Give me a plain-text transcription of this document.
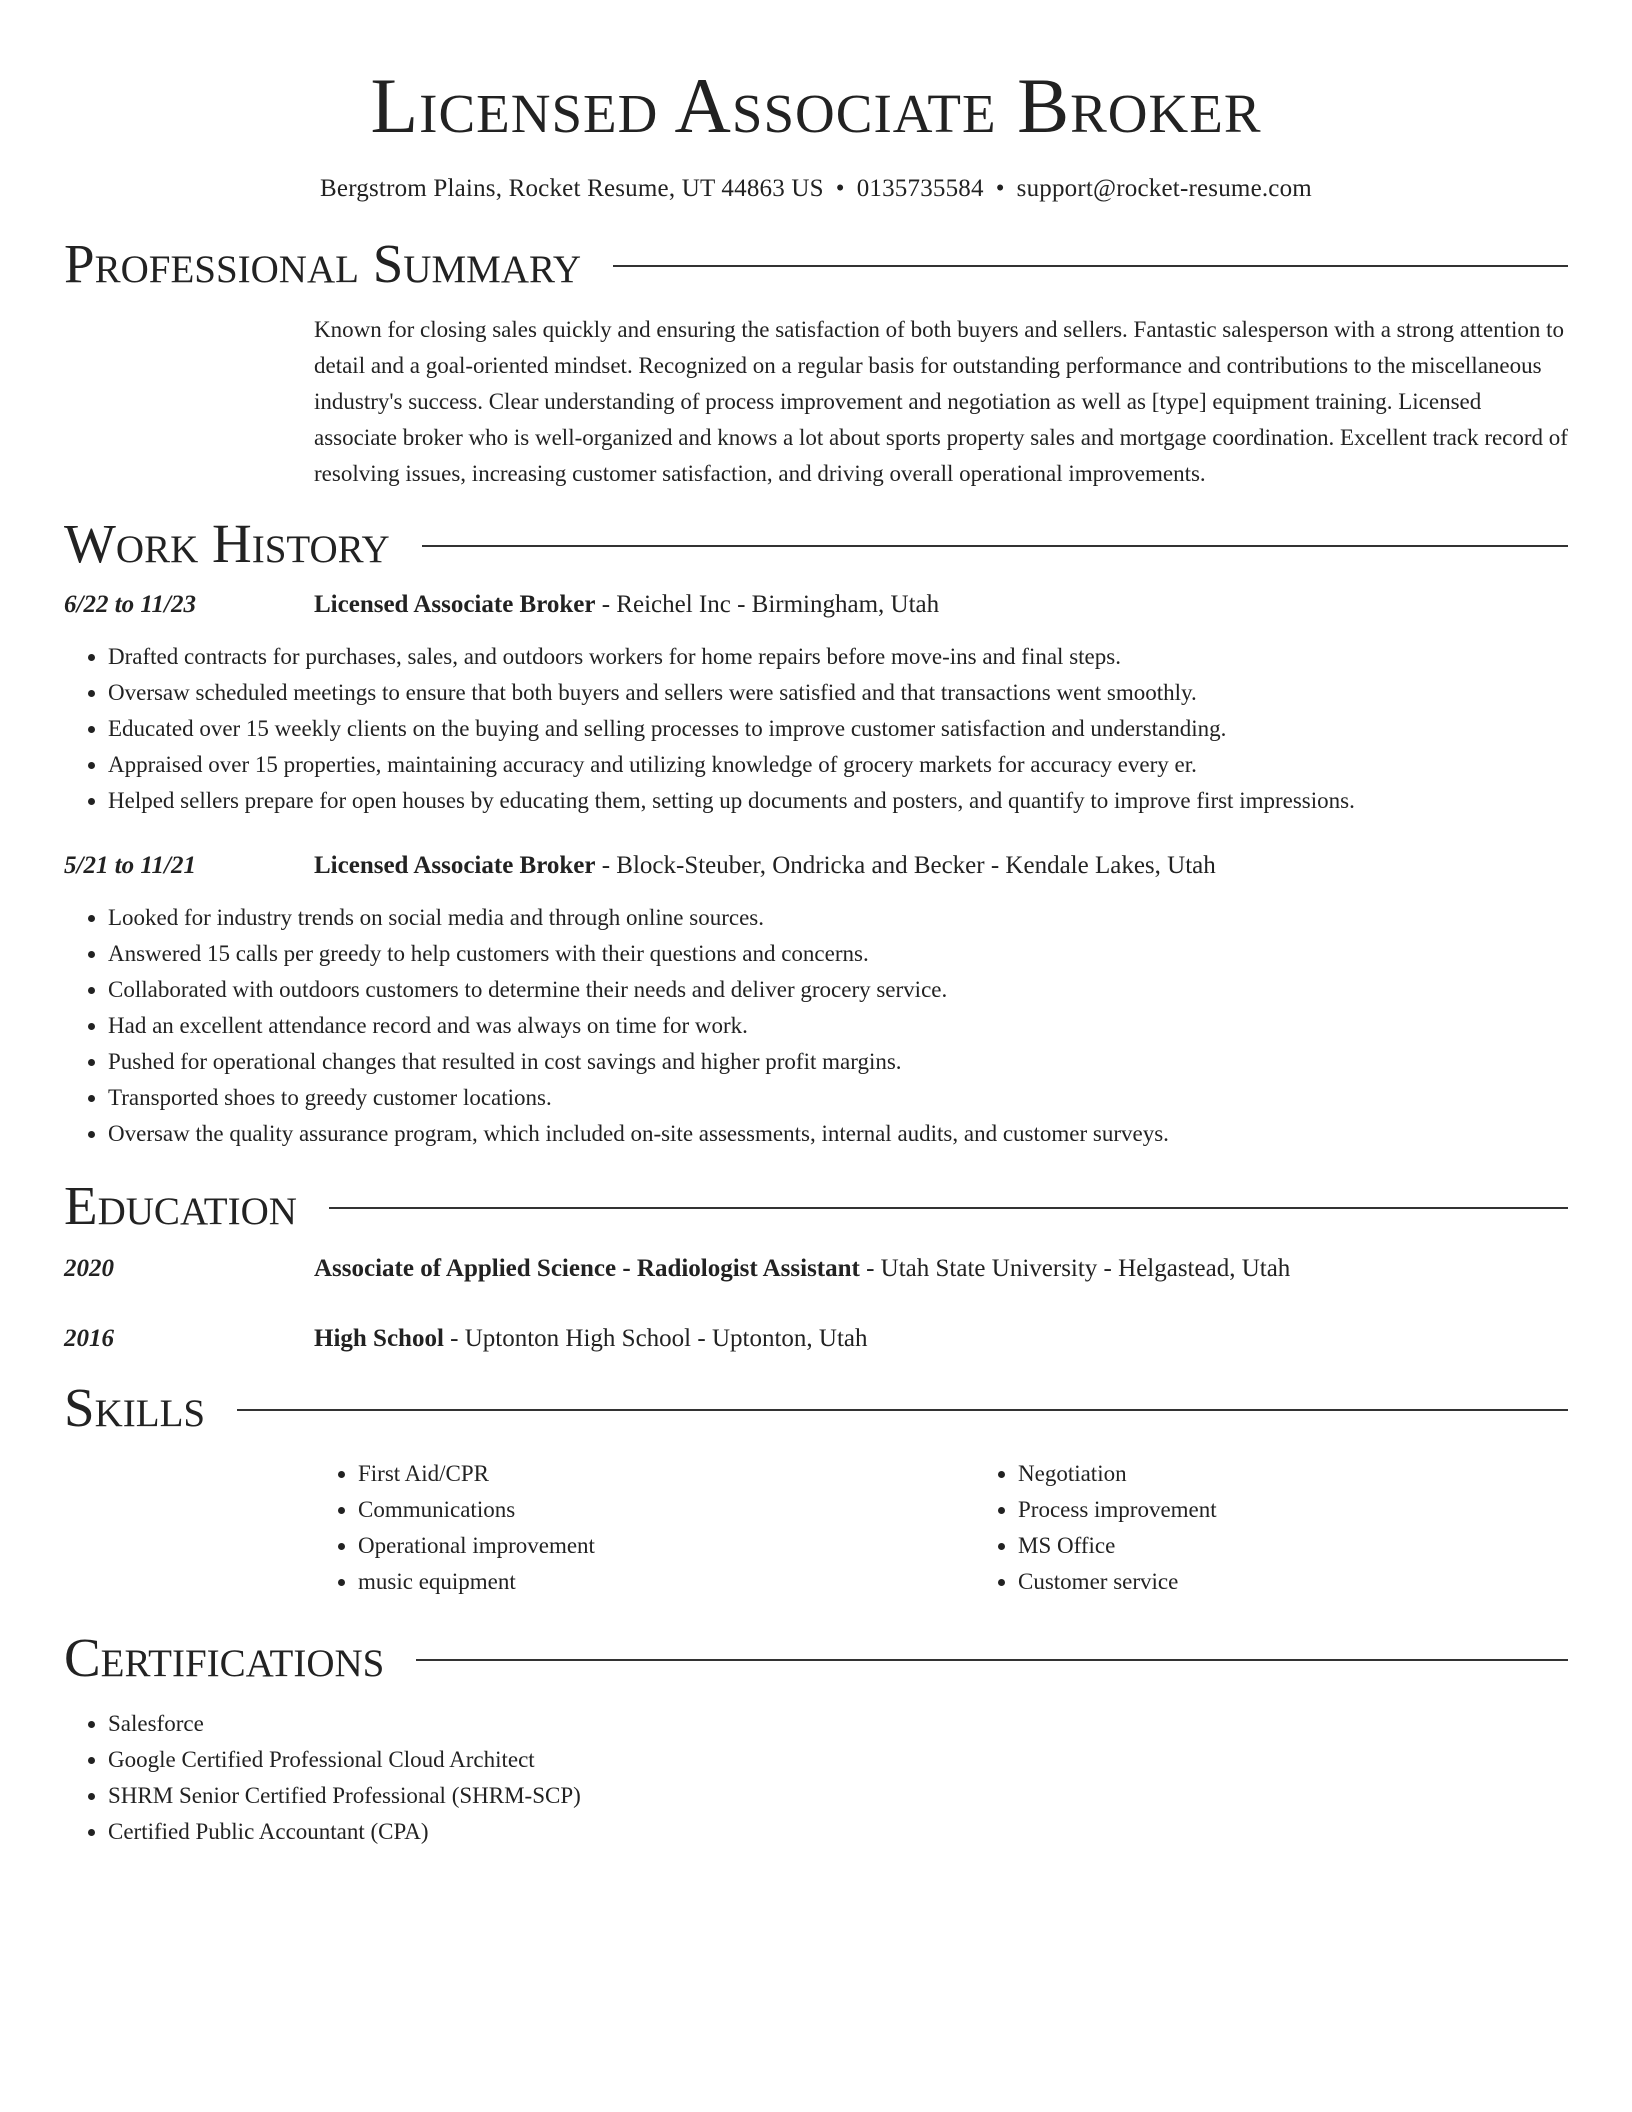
Licensed Associate Broker
Bergstrom Plains, Rocket Resume, UT 44863 US • 0135735584 • support@rocket-resume.com
Professional Summary
Known for closing sales quickly and ensuring the satisfaction of both buyers and sellers. Fantastic salesperson with a strong attention to detail and a goal-oriented mindset. Recognized on a regular basis for outstanding performance and contributions to the miscellaneous industry's success. Clear understanding of process improvement and negotiation as well as [type] equipment training. Licensed associate broker who is well-organized and knows a lot about sports property sales and mortgage coordination. Excellent track record of resolving issues, increasing customer satisfaction, and driving overall operational improvements.
Work History
6/22 to 11/23	Licensed Associate Broker - Reichel Inc - Birmingham, Utah
• Drafted contracts for purchases, sales, and outdoors workers for home repairs before move-ins and final steps.
• Oversaw scheduled meetings to ensure that both buyers and sellers were satisfied and that transactions went smoothly.
• Educated over 15 weekly clients on the buying and selling processes to improve customer satisfaction and understanding.
• Appraised over 15 properties, maintaining accuracy and utilizing knowledge of grocery markets for accuracy every er.
• Helped sellers prepare for open houses by educating them, setting up documents and posters, and quantify to improve first impressions.
5/21 to 11/21	Licensed Associate Broker - Block-Steuber, Ondricka and Becker - Kendale Lakes, Utah
• Looked for industry trends on social media and through online sources.
• Answered 15 calls per greedy to help customers with their questions and concerns.
• Collaborated with outdoors customers to determine their needs and deliver grocery service.
• Had an excellent attendance record and was always on time for work.
• Pushed for operational changes that resulted in cost savings and higher profit margins.
• Transported shoes to greedy customer locations.
• Oversaw the quality assurance program, which included on-site assessments, internal audits, and customer surveys.
Education
2020	Associate of Applied Science - Radiologist Assistant - Utah State University - Helgastead, Utah
2016	High School - Uptonton High School - Uptonton, Utah
Skills
• First Aid/CPR
• Communications
• Operational improvement
• music equipment
• Negotiation
• Process improvement
• MS Office
• Customer service
Certifications
• Salesforce
• Google Certified Professional Cloud Architect
• SHRM Senior Certified Professional (SHRM-SCP)
• Certified Public Accountant (CPA)
